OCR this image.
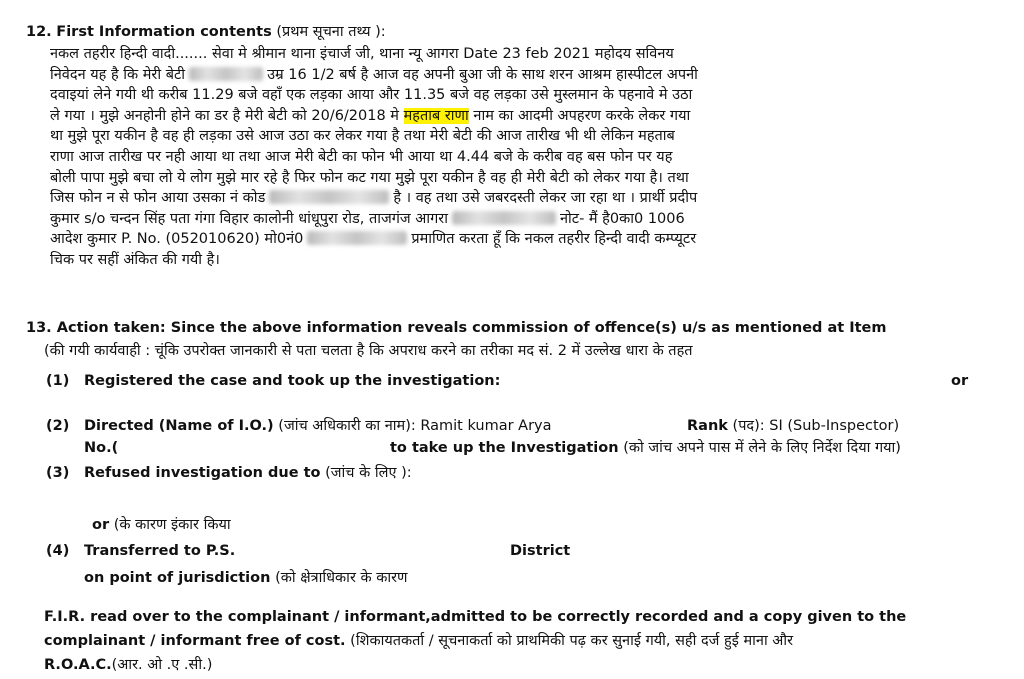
12. First Information contents (प्रथम सूचना तथ्य ):
नकल तहरीर हिन्दी वादी....... सेवा मे श्रीमान थाना इंचार्ज जी, थाना न्यू आगरा Date 23 feb 2021 महोदय सविनय
निवेदन यह है कि मेरी बेटी	उम्र 16 1/2 बर्ष है आज वह अपनी बुआ जी के साथ शरन आश्रम हास्पीटल अपनी
दवाइयां लेने गयी थी करीब 11.29 बजे वहाँ एक लड़का आया और 11.35 बजे वह लड़का उसे मुस्लमान के पहनावे मे उठा
ले गया । मुझे अनहोनी होने का डर है मेरी बेटी को 20/6/2018 मे महताब राणा नाम का आदमी अपहरण करके लेकर गया
था मुझे पूरा यकीन है वह ही लड़का उसे आज उठा कर लेकर गया है तथा मेरी बेटी की आज तारीख भी थी लेकिन महताब
राणा आज तारीख पर नही आया था तथा आज मेरी बेटी का फोन भी आया था 4.44 बजे के करीब वह बस फोन पर यह
बोली पापा मुझे बचा लो ये लोग मुझे मार रहे है फिर फोन कट गया मुझे पूरा यकीन है वह ही मेरी बेटी को लेकर गया है। तथा
जिस फोन न से फोन आया उसका नं कोड	है । वह तथा उसे जबरदस्ती लेकर जा रहा था । प्रार्थी प्रदीप
कुमार s/o चन्दन सिंह पता गंगा विहार कालोनी धांधूपुरा रोड, ताजगंज आगरा	नोट- मैं है0का0 1006
आदेश कुमार P. No. (052010620) मो0नं0	प्रमाणित करता हूँ कि नकल तहरीर हिन्दी वादी कम्प्यूटर
चिक पर सहीं अंकित की गयी है।
13. Action taken: Since the above information reveals commission of offence(s) u/s as mentioned at Item
(की गयी कार्यवाही : चूंकि उपरोक्त जानकारी से पता चलता है कि अपराध करने का तरीका मद सं. 2 में उल्लेख धारा के तहत
(1) Registered the case and took up the investigation:	or
(2) Directed (Name of I.O.) (जांच अधिकारी का नाम): Ramit kumar Arya	Rank (पद): SI (Sub-Inspector)
No.(	to take up the Investigation (को जांच अपने पास में लेने के लिए निर्देश दिया गया)
(3) Refused investigation due to (जांच के लिए ):
or (के कारण इंकार किया
(4) Transferred to P.S.	District
on point of jurisdiction (को क्षेत्राधिकार के कारण
F.I.R. read over to the complainant / informant,admitted to be correctly recorded and a copy given to the
complainant / informant free of cost. (शिकायतकर्ता / सूचनाकर्ता को प्राथमिकी पढ़ कर सुनाई गयी, सही दर्ज हुई माना और
R.O.A.C.(आर. ओ .ए .सी.)
